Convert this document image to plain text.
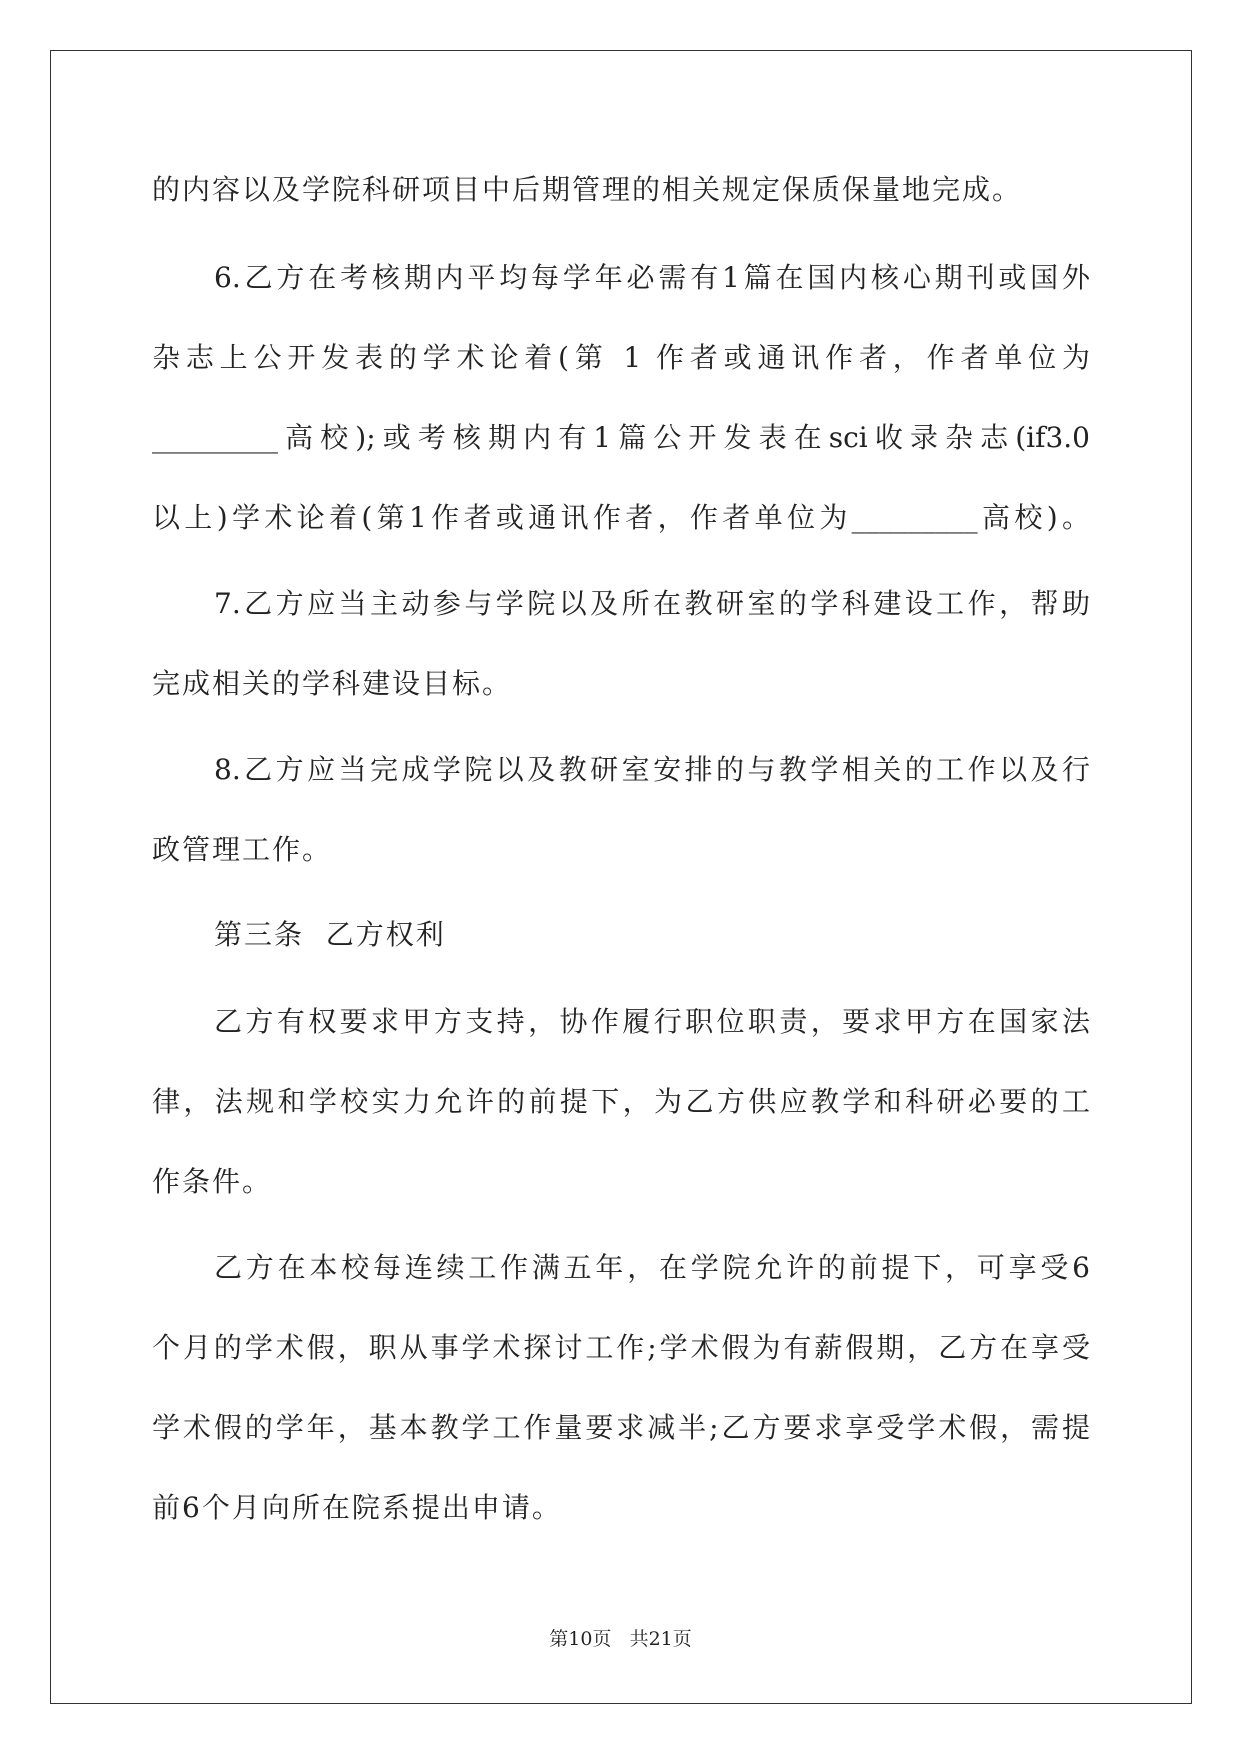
的内容以及学院科研项目中后期管理的相关规定保质保量地完成。
6.乙方在考核期内平均每学年必需有1篇在国内核心期刊或国外
杂志上公开发表的学术论着(第 1 作者或通讯作者，作者单位为
_________高校);或考核期内有1篇公开发表在sci收录杂志(if3.0
以上)学术论着(第1作者或通讯作者，作者单位为_________高校)。
7.乙方应当主动参与学院以及所在教研室的学科建设工作，帮助
完成相关的学科建设目标。
8.乙方应当完成学院以及教研室安排的与教学相关的工作以及行
政管理工作。
第三条  乙方权利
乙方有权要求甲方支持，协作履行职位职责，要求甲方在国家法
律，法规和学校实力允许的前提下，为乙方供应教学和科研必要的工
作条件。
乙方在本校每连续工作满五年，在学院允许的前提下，可享受6
个月的学术假，职从事学术探讨工作;学术假为有薪假期，乙方在享受
学术假的学年，基本教学工作量要求减半;乙方要求享受学术假，需提
前6个月向所在院系提出申请。
第10页 共21页
